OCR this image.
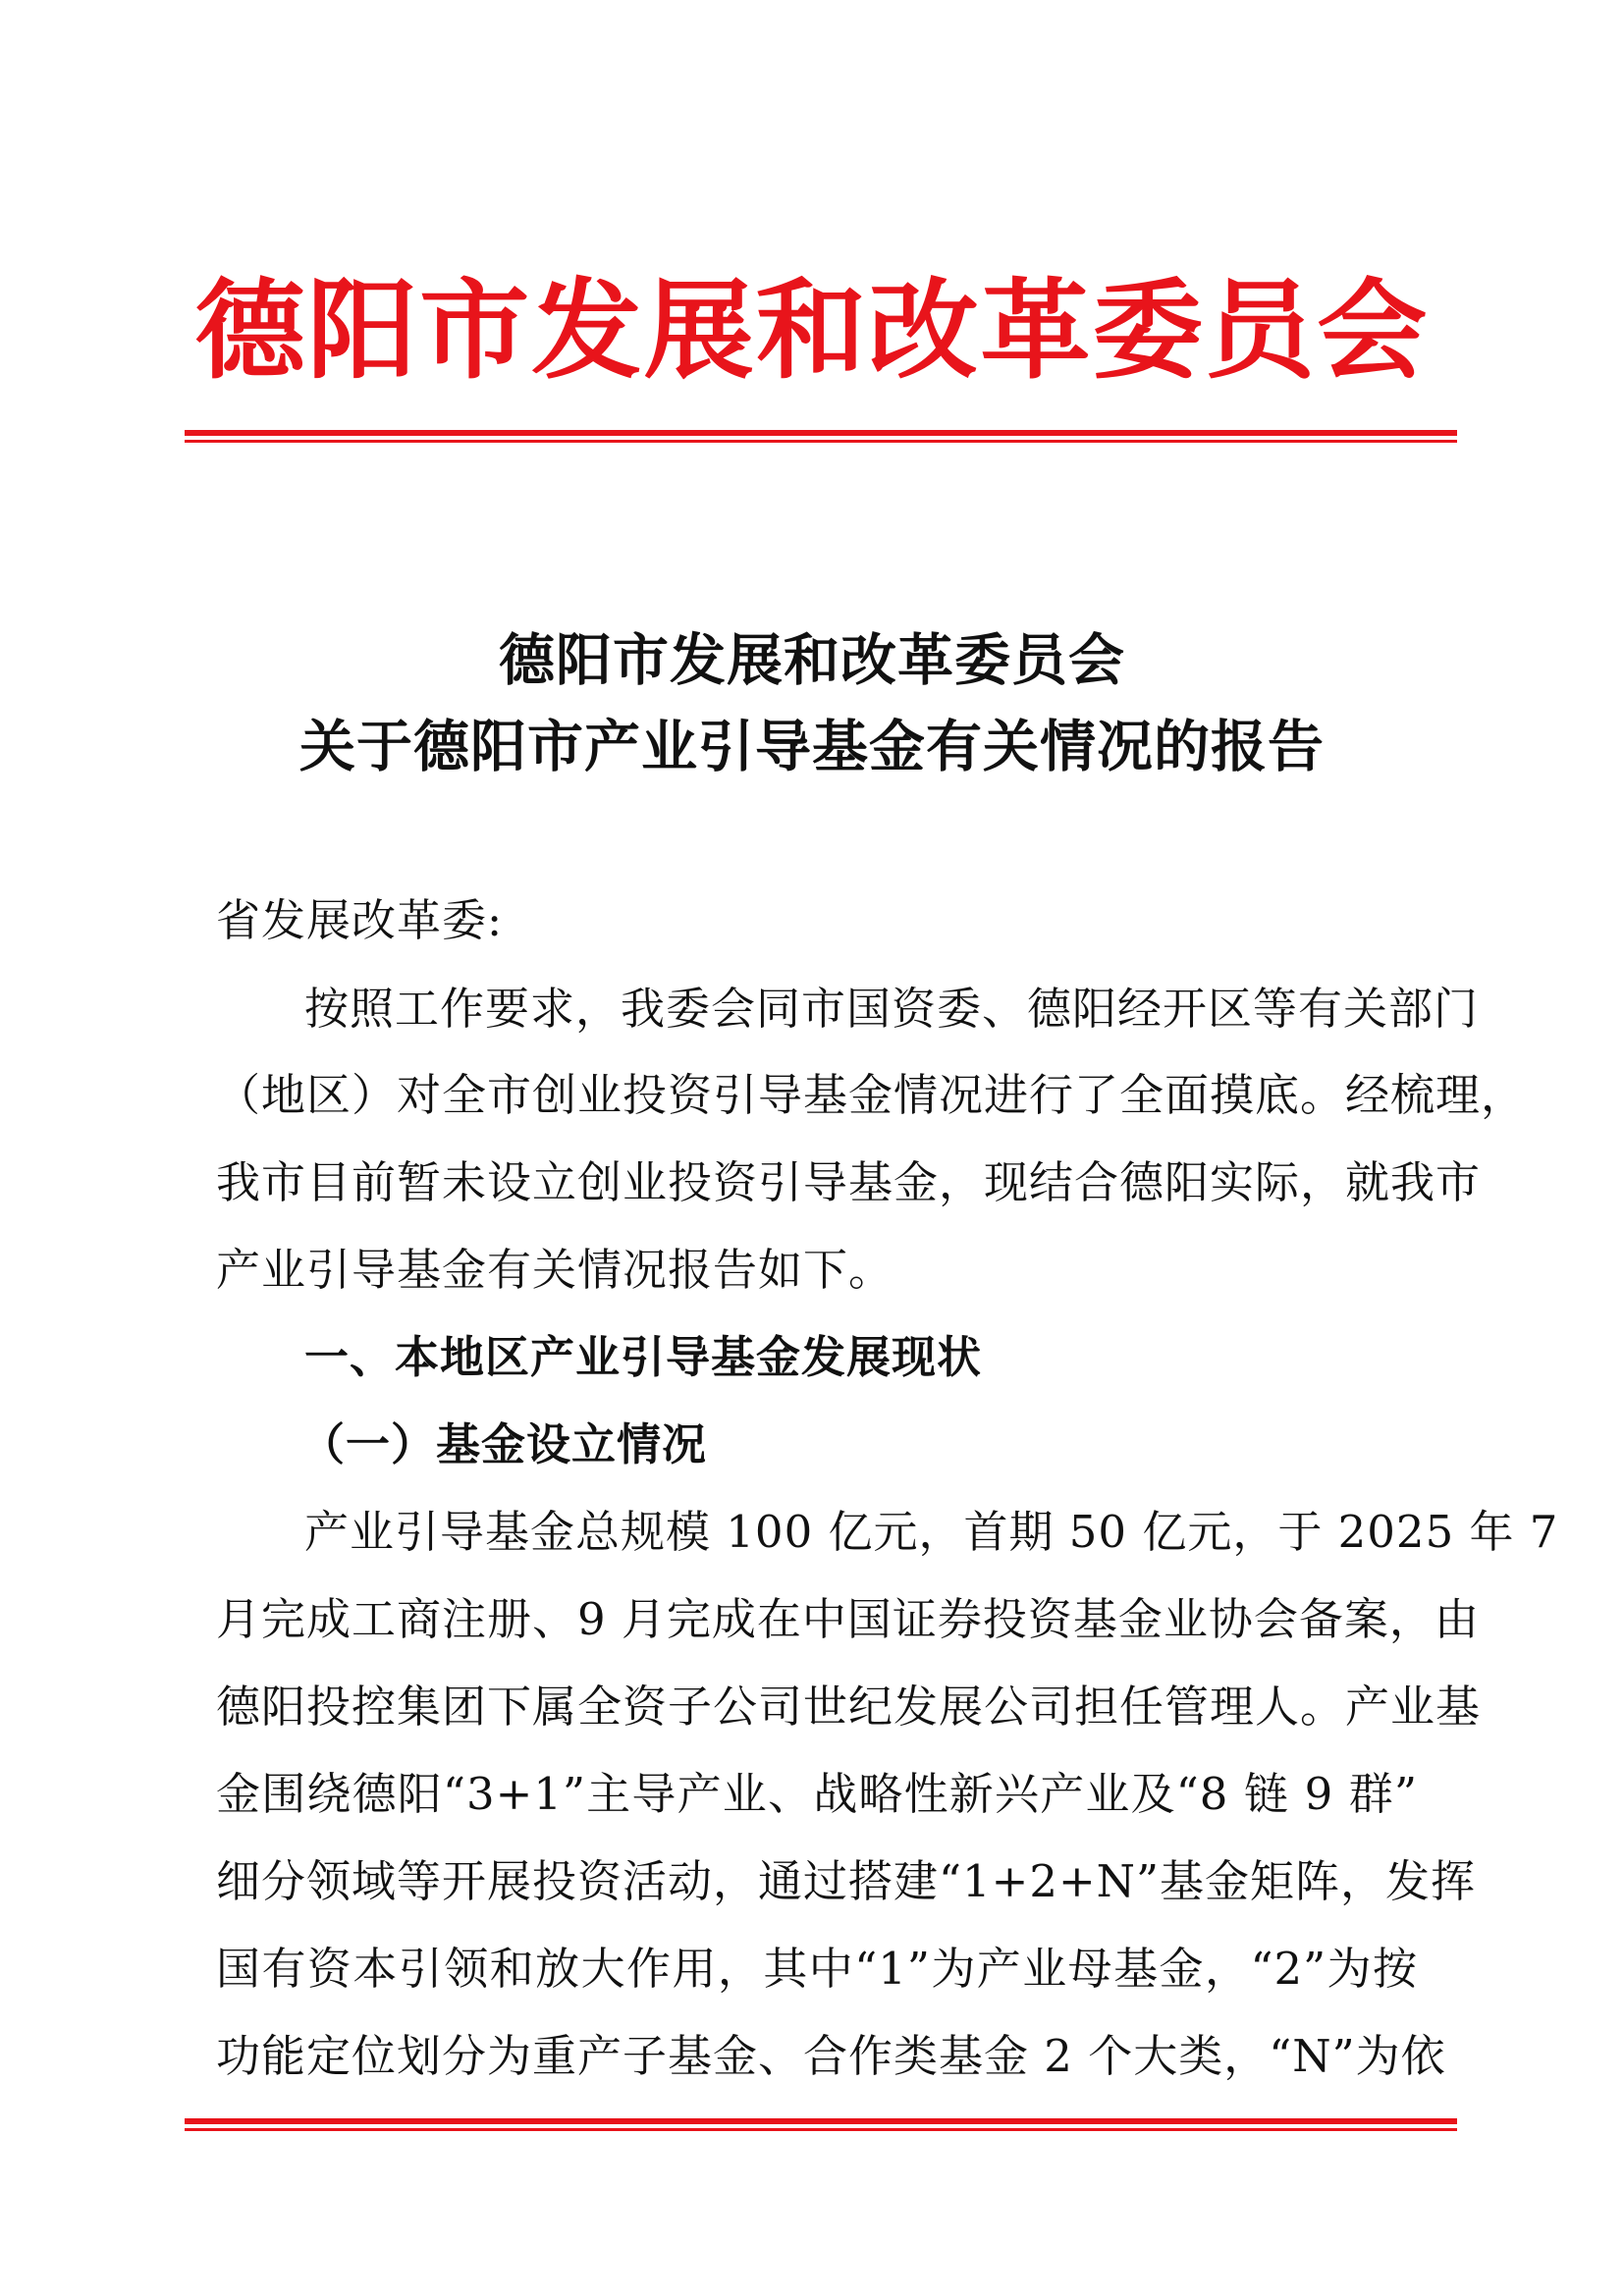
德阳市发展和改革委员会
德阳市发展和改革委员会
关于德阳市产业引导基金有关情况的报告
省发展改革委:
按照工作要求，我委会同市国资委、德阳经开区等有关部门
（地区）对全市创业投资引导基金情况进行了全面摸底。经梳理，
我市目前暂未设立创业投资引导基金，现结合德阳实际，就我市
产业引导基金有关情况报告如下。
一、本地区产业引导基金发展现状
（一）基金设立情况
产业引导基金总规模 100 亿元，首期 50 亿元，于 2025 年 7
月完成工商注册、9 月完成在中国证券投资基金业协会备案，由
德阳投控集团下属全资子公司世纪发展公司担任管理人。产业基
金围绕德阳“3+1”主导产业、战略性新兴产业及“8 链 9 群”
细分领域等开展投资活动，通过搭建“1+2+N”基金矩阵，发挥
国有资本引领和放大作用，其中“1”为产业母基金，“2”为按
功能定位划分为重产子基金、合作类基金 2 个大类，“N”为依
